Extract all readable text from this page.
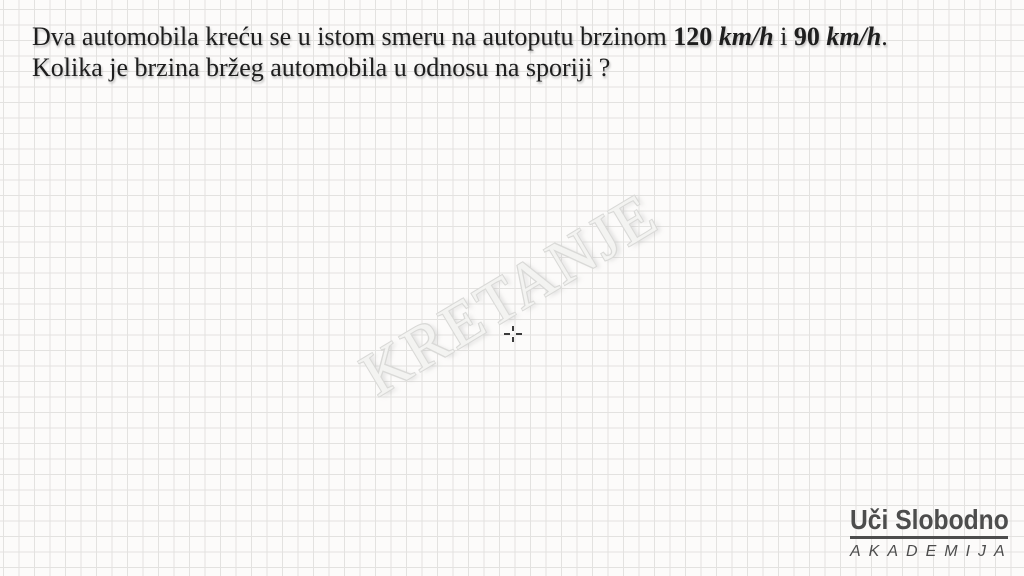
Dva automobila kreću se u istom smeru na autoputu brzinom 120 km/h i 90 km/h.
Kolika je brzina bržeg automobila u odnosu na sporiji ?
KRETANJE
Uči Slobodno
AKADEMIJA
